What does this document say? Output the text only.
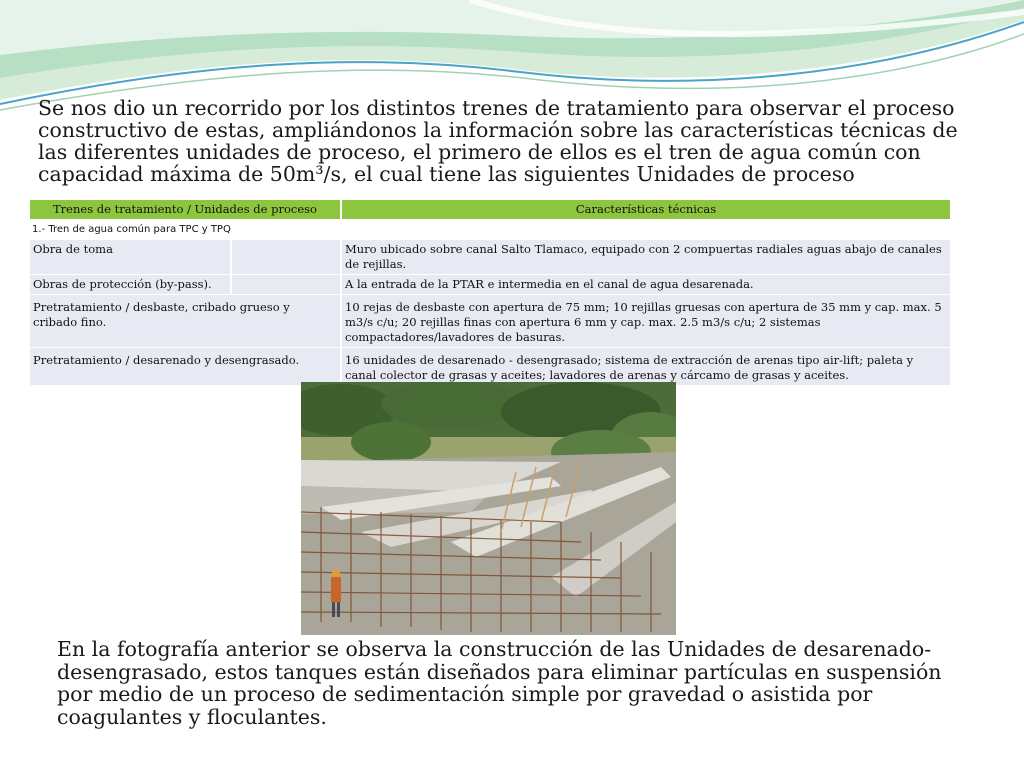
Se nos dio un recorrido por los distintos trenes de tratamiento para observar el proceso constructivo de estas, ampliándonos la información sobre las características técnicas de las diferentes unidades de proceso, el primero de ellos es el tren de agua común con capacidad máxima de 50m³/s, el cual tiene las siguientes Unidades de proceso

Trenes de tratamiento / Unidades de proceso		Características técnicas
1.- Tren de agua común para TPC y TPQ		
Obra de toma		Muro ubicado sobre canal Salto Tlamaco, equipado con 2 compuertas radiales aguas abajo de canales de rejillas.
Obras de protección (by-pass).		A la entrada de la PTAR e intermedia en el canal de agua desarenada.
Pretratamiento / desbaste, cribado grueso y cribado fino.		10 rejas de desbaste con apertura de 75 mm; 10 rejillas gruesas con apertura de 35 mm y cap. max. 5 m3/s c/u; 20 rejillas finas con apertura 6 mm y cap. max. 2.5 m3/s c/u; 2 sistemas compactadores/lavadores de basuras.
Pretratamiento / desarenado y desengrasado.		16 unidades de desarenado - desengrasado; sistema de extracción de arenas tipo air-lift; paleta y canal colector de grasas y aceites; lavadores de arenas y cárcamo de grasas y aceites.

En la fotografía anterior se observa la construcción de las Unidades de desarenado-desengrasado, estos tanques están diseñados para eliminar partículas en suspensión por medio de un proceso de sedimentación simple por gravedad o asistida por coagulantes y floculantes.
